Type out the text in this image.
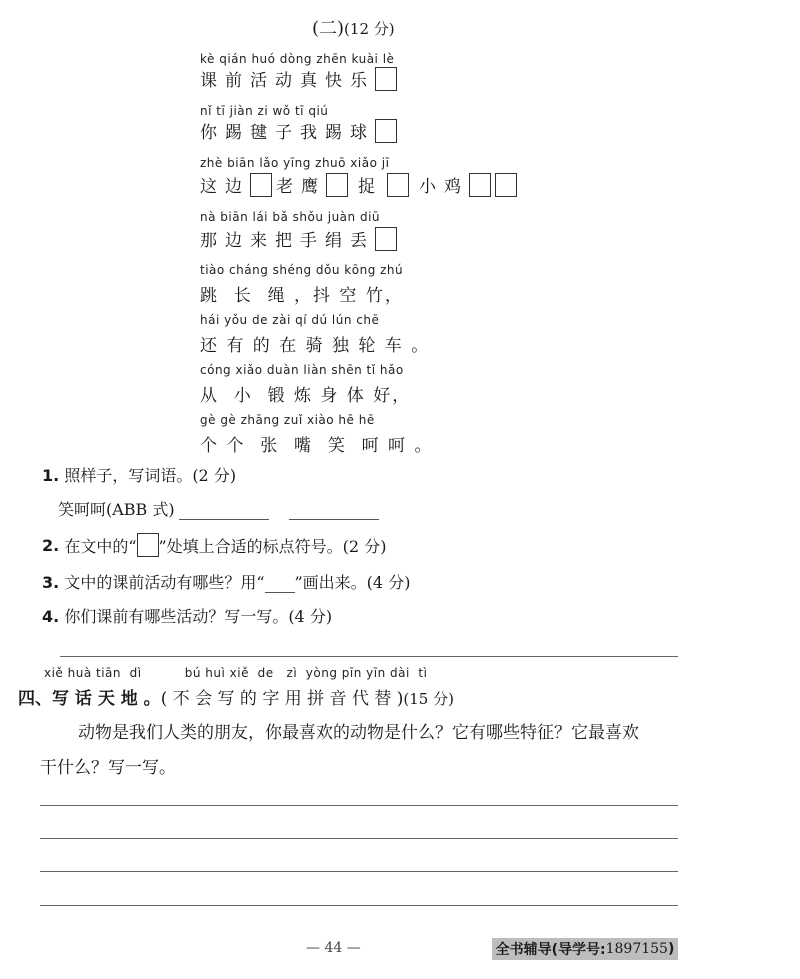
(二)(12 分)
kè qián huó dòng zhēn kuài lè
课 前 活 动 真 快 乐
nǐ tī jiàn zi wǒ tī qiú
你 踢 毽 子 我 踢 球
zhè biān lǎo yīng zhuō xiǎo jī
这 边 老 鹰 捉 小 鸡
nà biān lái bǎ shǒu juàn diū
那 边 来 把 手 绢 丢
tiào cháng shéng dǒu kōng zhú
跳  长  绳 ，抖 空 竹，
hái yǒu de zài qí dú lún chē
还 有 的 在 骑 独 轮 车 。
cóng xiǎo duàn liàn shēn tǐ hǎo
从  小  锻 炼 身 体 好，
gè gè zhāng zuǐ xiào hē hē
个 个  张  嘴  笑  呵 呵 。
1. 照样子，写词语。(2 分)
笑呵呵(ABB 式)
2.
在文中的“ ”处填上合适的标点符号。(2 分)
3. 文中的课前活动有哪些？用“ ”画出来。(4 分)
4. 你们课前有哪些活动？写一写。(4 分)
xiě huà tiān  dì          bú huì xiě  de   zì  yòng pīn yīn dài  tì
四、写 话 天 地 。( 不 会 写 的 字 用 拼 音 代 替 )(15 分)
动物是我们人类的朋友，你最喜欢的动物是什么？它有哪些特征？它最喜欢
干什么？写一写。
— 44 —	全书辅导(导学号: 1897155 )
